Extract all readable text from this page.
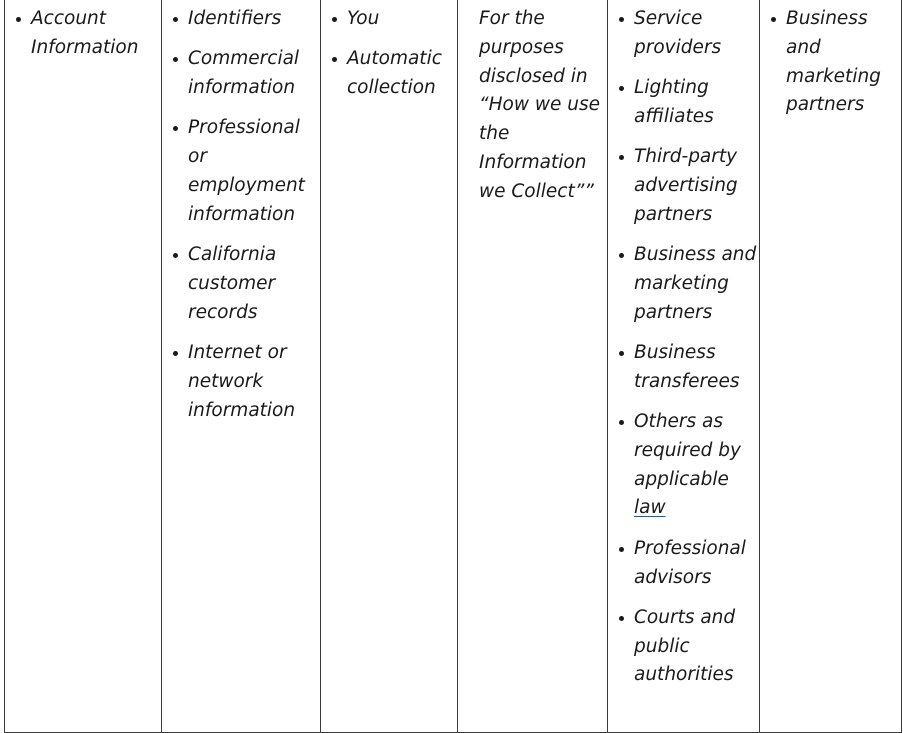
Account Information

Identifiers
Commercial information
Professional or employment information
California customer records
Internet or network information

You
Automatic collection

For the purposes disclosed in “How we use the Information we Collect””

Service providers
Lighting affiliates
Third-party advertising partners
Business and marketing partners
Business transferees
Others as required by applicable law
Professional advisors
Courts and public authorities

Business and marketing partners
